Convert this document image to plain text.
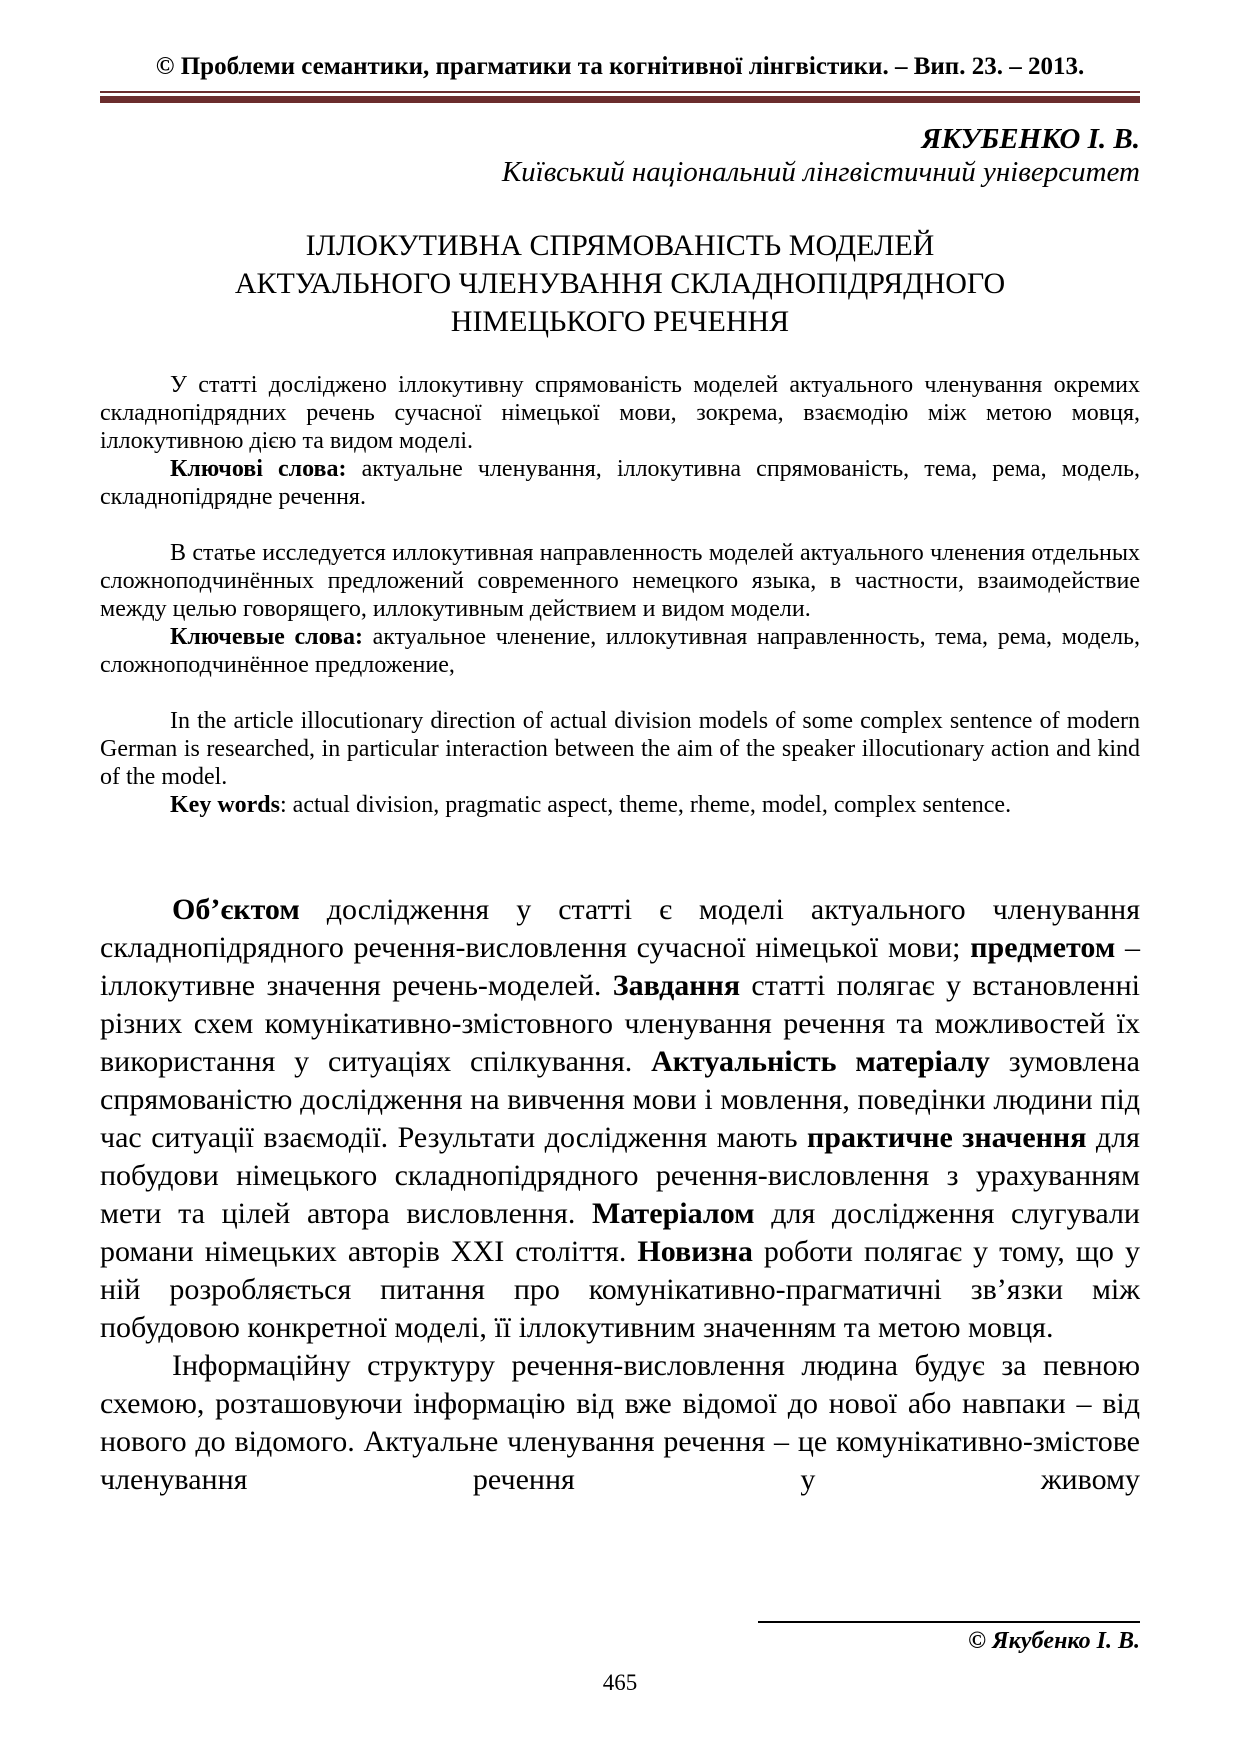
© Проблеми семантики, прагматики та когнітивної лінгвістики. – Вип. 23. – 2013.
ЯКУБЕНКО І. В.
Київський національний лінгвістичний університет
ІЛЛОКУТИВНА СПРЯМОВАНІСТЬ МОДЕЛЕЙ
АКТУАЛЬНОГО ЧЛЕНУВАННЯ СКЛАДНОПІДРЯДНОГО
НІМЕЦЬКОГО РЕЧЕННЯ

У статті досліджено іллокутивну спрямованість моделей актуального членування окремих складнопідрядних речень сучасної німецької мови, зокрема, взаємодію між метою мовця, іллокутивною дією та видом моделі.

Ключові слова: актуальне членування, іллокутивна спрямованість, тема, рема, модель, складнопідрядне речення.

В статье исследуется иллокутивная направленность моделей актуального членения отдельных сложноподчинённых предложений современного немецкого языка, в частности, взаимодействие между целью говорящего, иллокутивным действием и видом модели.

Ключевые слова: актуальное членение, иллокутивная направленность, тема, рема, модель, сложноподчинённое предложение,

In the article illocutionary direction of actual division models of some complex sentence of modern German is researched, in particular interaction between the aim of the speaker illocutionary action and kind of the model.

Key words: actual division, pragmatic aspect, theme, rheme, model, complex sentence.

Об’єктом дослідження у статті є моделі актуального членування складнопідрядного речення-висловлення сучасної німецької мови; предметом – іллокутивне значення речень-моделей. Завдання статті полягає у встановленні різних схем комунікативно-змістовного членування речення та можливостей їх використання у ситуаціях спілкування. Актуальність матеріалу зумовлена спрямованістю дослідження на вивчення мови і мовлення, поведінки людини під час ситуації взаємодії. Результати дослідження мають практичне значення для побудови німецького складнопідрядного речення-висловлення з урахуванням мети та цілей автора висловлення. Матеріалом для дослідження слугували романи німецьких авторів ХХІ століття. Новизна роботи полягає у тому, що у ній розробляється питання про комунікативно-прагматичні зв’язки між побудовою конкретної моделі, її іллокутивним значенням та метою мовця.

Інформаційну структуру речення-висловлення людина будує за певною схемою, розташовуючи інформацію від вже відомої до нової або навпаки – від нового до відомого. Актуальне членування речення – це комунікативно-змістове членування речення у живому

© Якубенко І. В.
465
